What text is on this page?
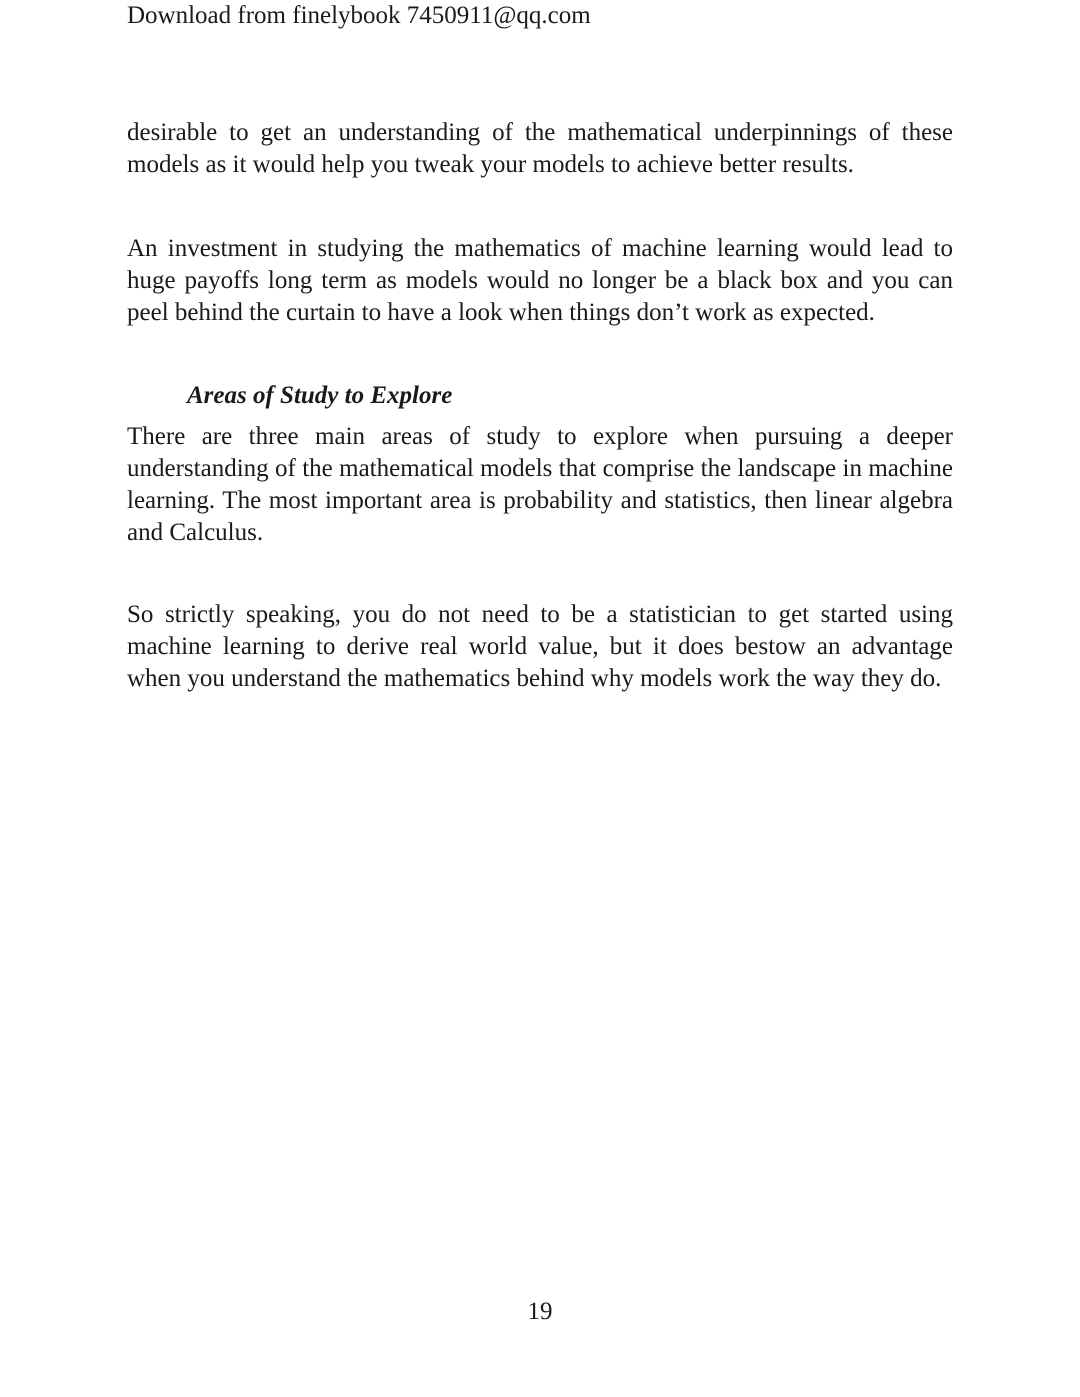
Download from finelybook 7450911@qq.com

desirable to get an understanding of the mathematical underpinnings of these models as it would help you tweak your models to achieve better results.

An investment in studying the mathematics of machine learning would lead to huge payoffs long term as models would no longer be a black box and you can peel behind the curtain to have a look when things don’t work as expected.

Areas of Study to Explore

There are three main areas of study to explore when pursuing a deeper understanding of the mathematical models that comprise the landscape in machine learning. The most important area is probability and statistics, then linear algebra and Calculus.

So strictly speaking, you do not need to be a statistician to get started using machine learning to derive real world value, but it does bestow an advantage when you understand the mathematics behind why models work the way they do.

19
